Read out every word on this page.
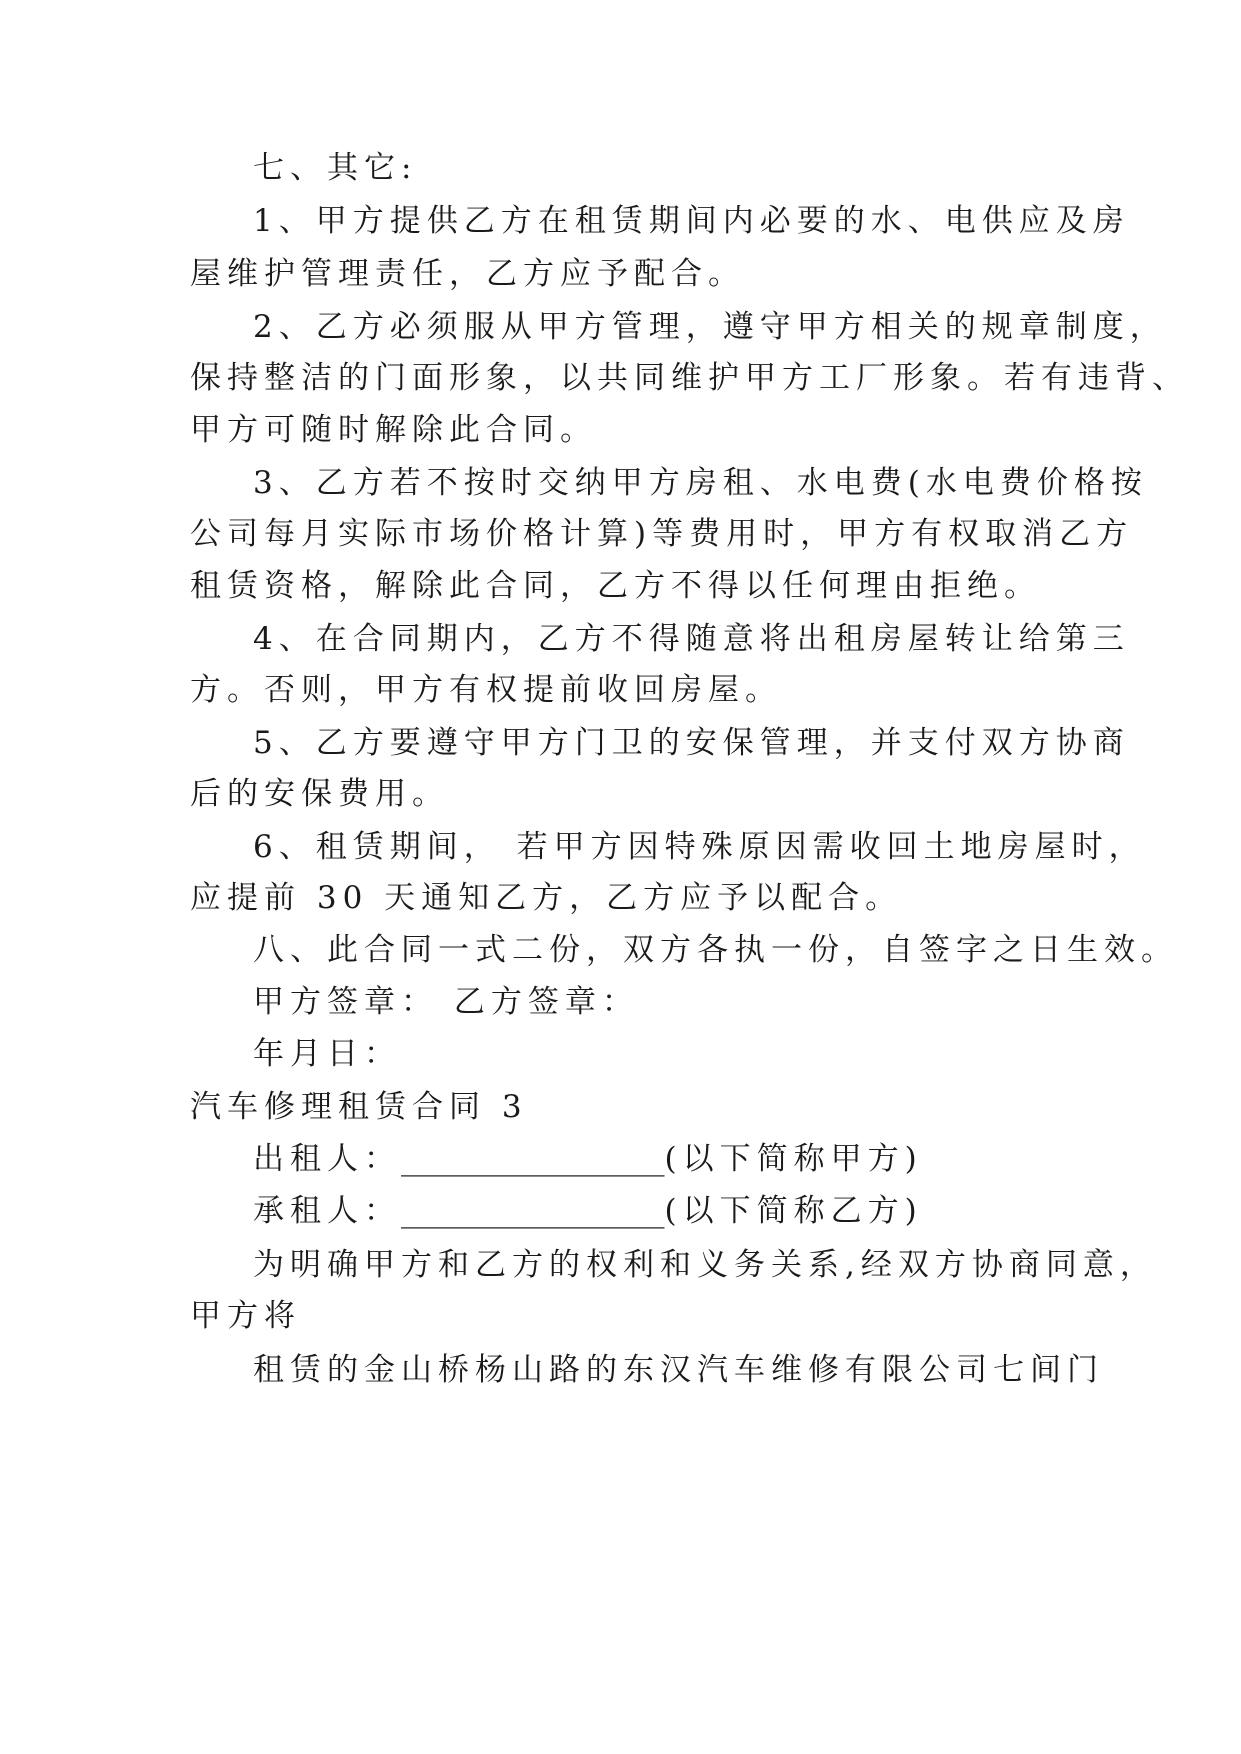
七、其它:
1、甲方提供乙方在租赁期间内必要的水、电供应及房
屋维护管理责任，乙方应予配合。
2、乙方必须服从甲方管理，遵守甲方相关的规章制度，
保持整洁的门面形象，以共同维护甲方工厂形象。若有违背、
甲方可随时解除此合同。
3、乙方若不按时交纳甲方房租、水电费(水电费价格按
公司每月实际市场价格计算)等费用时，甲方有权取消乙方
租赁资格，解除此合同，乙方不得以任何理由拒绝。
4、在合同期内，乙方不得随意将出租房屋转让给第三
方。否则，甲方有权提前收回房屋。
5、乙方要遵守甲方门卫的安保管理，并支付双方协商
后的安保费用。
6、租赁期间， 若甲方因特殊原因需收回土地房屋时，
应提前 30 天通知乙方，乙方应予以配合。
八、此合同一式二份，双方各执一份，自签字之日生效。
甲方签章： 乙方签章：
年月日：
汽车修理租赁合同 3
出租人：_________________(以下简称甲方)
承租人：_________________(以下简称乙方)
为明确甲方和乙方的权利和义务关系,经双方协商同意，
甲方将
租赁的金山桥杨山路的东汉汽车维修有限公司七间门
